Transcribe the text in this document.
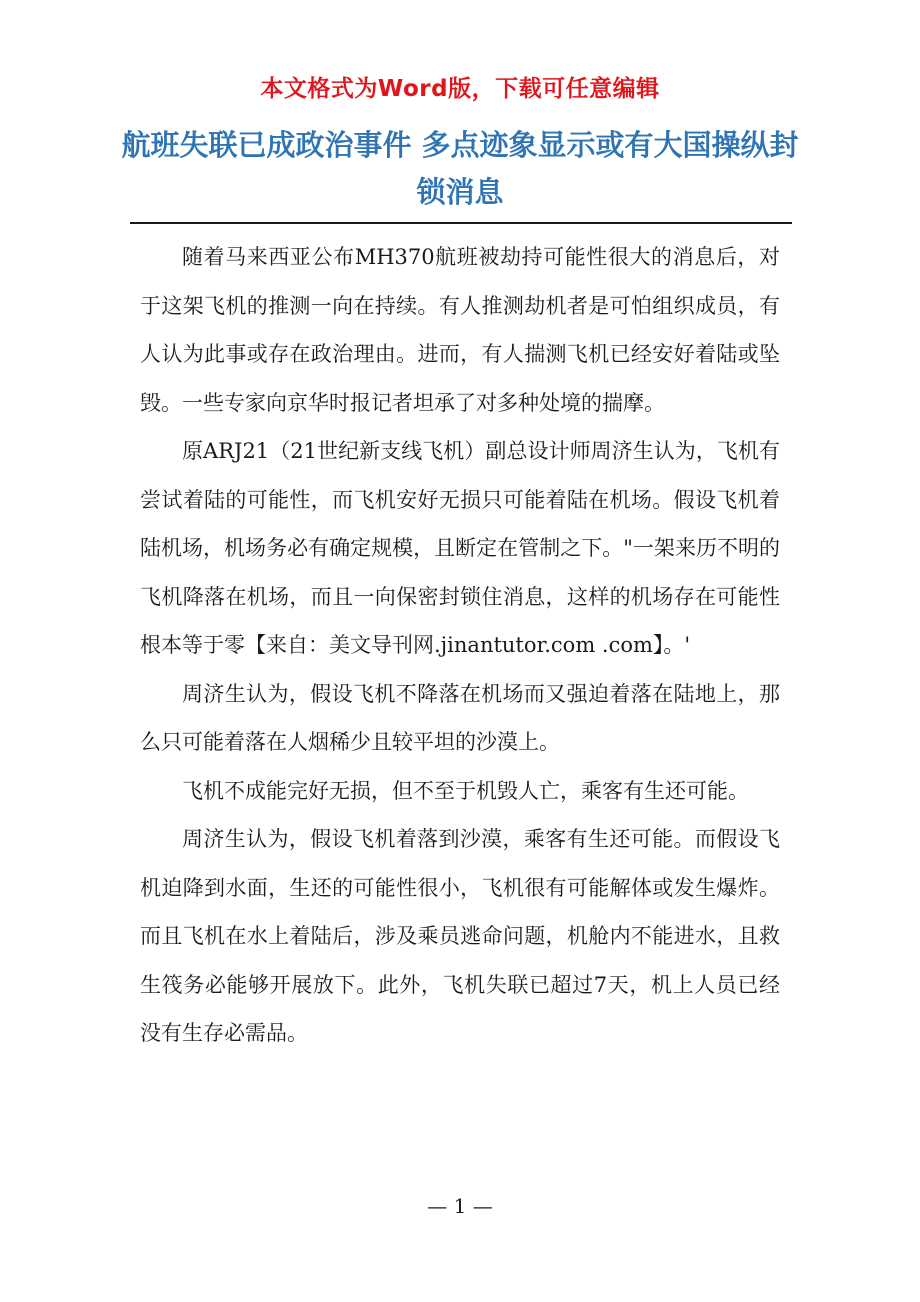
本文格式为Word版，下载可任意编辑
航班失联已成政治事件 多点迹象显示或有大国操纵封锁消息

随着马来西亚公布MH370航班被劫持可能性很大的消息后，对于这架飞机的推测一向在持续。有人推测劫机者是可怕组织成员，有人认为此事或存在政治理由。进而，有人揣测飞机已经安好着陆或坠毁。一些专家向京华时报记者坦承了对多种处境的揣摩。

原ARJ21（21世纪新支线飞机）副总设计师周济生认为，飞机有尝试着陆的可能性，而飞机安好无损只可能着陆在机场。假设飞机着陆机场，机场务必有确定规模，且断定在管制之下。"一架来历不明的飞机降落在机场，而且一向保密封锁住消息，这样的机场存在可能性根本等于零【来自：美文导刊网.jinantutor.com .com】。'

周济生认为，假设飞机不降落在机场而又强迫着落在陆地上，那么只可能着落在人烟稀少且较平坦的沙漠上。

飞机不成能完好无损，但不至于机毁人亡，乘客有生还可能。

周济生认为，假设飞机着落到沙漠，乘客有生还可能。而假设飞机迫降到水面，生还的可能性很小，飞机很有可能解体或发生爆炸。而且飞机在水上着陆后，涉及乘员逃命问题，机舱内不能进水，且救生筏务必能够开展放下。此外，飞机失联已超过7天，机上人员已经没有生存必需品。

— 1 —
